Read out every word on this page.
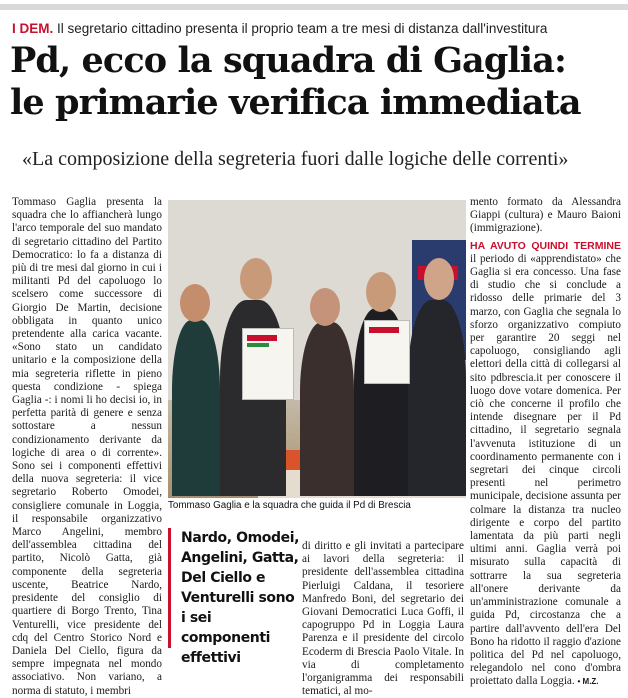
I DEM. Il segretario cittadino presenta il proprio team a tre mesi di distanza dall'investitura
Pd, ecco la squadra di Gaglia:
le primarie verifica immediata
«La composizione della segreteria fuori dalle logiche delle correnti»

Tommaso Gaglia presenta la squadra che lo affiancherà lungo l'arco temporale del suo mandato di segretario cittadino del Partito Democratico: lo fa a distanza di più di tre mesi dal giorno in cui i militanti Pd del capoluogo lo scelsero come successore di Giorgio De Martin, decisione obbligata in quanto unico pretendente alla carica vacante. «Sono stato un candidato unitario e la composizione della mia segreteria riflette in pieno questa condizione - spiega Gaglia -: i nomi li ho decisi io, in perfetta parità di genere e senza sottostare a nessun condizionamento derivante da logiche di area o di corrente». Sono sei i componenti effettivi della nuova segreteria: il vice segretario Roberto Omodei, consigliere comunale in Loggia, il responsabile organizzativo Marco Angelini, membro dell'assemblea cittadina del partito, Nicolò Gatta, già componente della segreteria uscente, Beatrice Nardo, presidente del consiglio di quartiere di Borgo Trento, Tina Venturelli, vice presidente del cdq del Centro Storico Nord e Daniela Del Ciello, figura da sempre impegnata nel mondo associativo. Non variano, a norma di statuto, i membri

Tommaso Gaglia e la squadra che guida il Pd di Brescia
Nardo, Omodei, Angelini, Gatta, Del Ciello e Venturelli sono i sei componenti effettivi

di diritto e gli invitati a partecipare ai lavori della segreteria: il presidente dell'assemblea cittadina Pierluigi Caldana, il tesoriere Manfredo Boni, del segretario dei Giovani Democratici Luca Goffi, il capogruppo Pd in Loggia Laura Parenza e il presidente del circolo Ecoderm di Brescia Paolo Vitale. In via di completamento l'organigramma dei responsabili tematici, al mo-

mento formato da Alessandra Giappi (cultura) e Mauro Baioni (immigrazione).

HA AVUTO QUINDI TERMINE il periodo di «apprendistato» che Gaglia si era concesso. Una fase di studio che si conclude a ridosso delle primarie del 3 marzo, con Gaglia che segnala lo sforzo organizzativo compiuto per garantire 20 seggi nel capoluogo, consigliando agli elettori della città di collegarsi al sito pdbrescia.it per conoscere il luogo dove votare domenica. Per ciò che concerne il profilo che intende disegnare per il Pd cittadino, il segretario segnala l'avvenuta istituzione di un coordinamento permanente con i segretari dei cinque circoli presenti nel perimetro municipale, decisione assunta per colmare la distanza tra nucleo dirigente e corpo del partito lamentata da più parti negli ultimi anni. Gaglia verrà poi misurato sulla capacità di sottrarre la sua segreteria all'onere derivante da un'amministrazione comunale a guida Pd, circostanza che a partire dall'avvento dell'era Del Bono ha ridotto il raggio d'azione politica del Pd nel capoluogo, relegandolo nel cono d'ombra proiettato dalla Loggia. • M.Z.
